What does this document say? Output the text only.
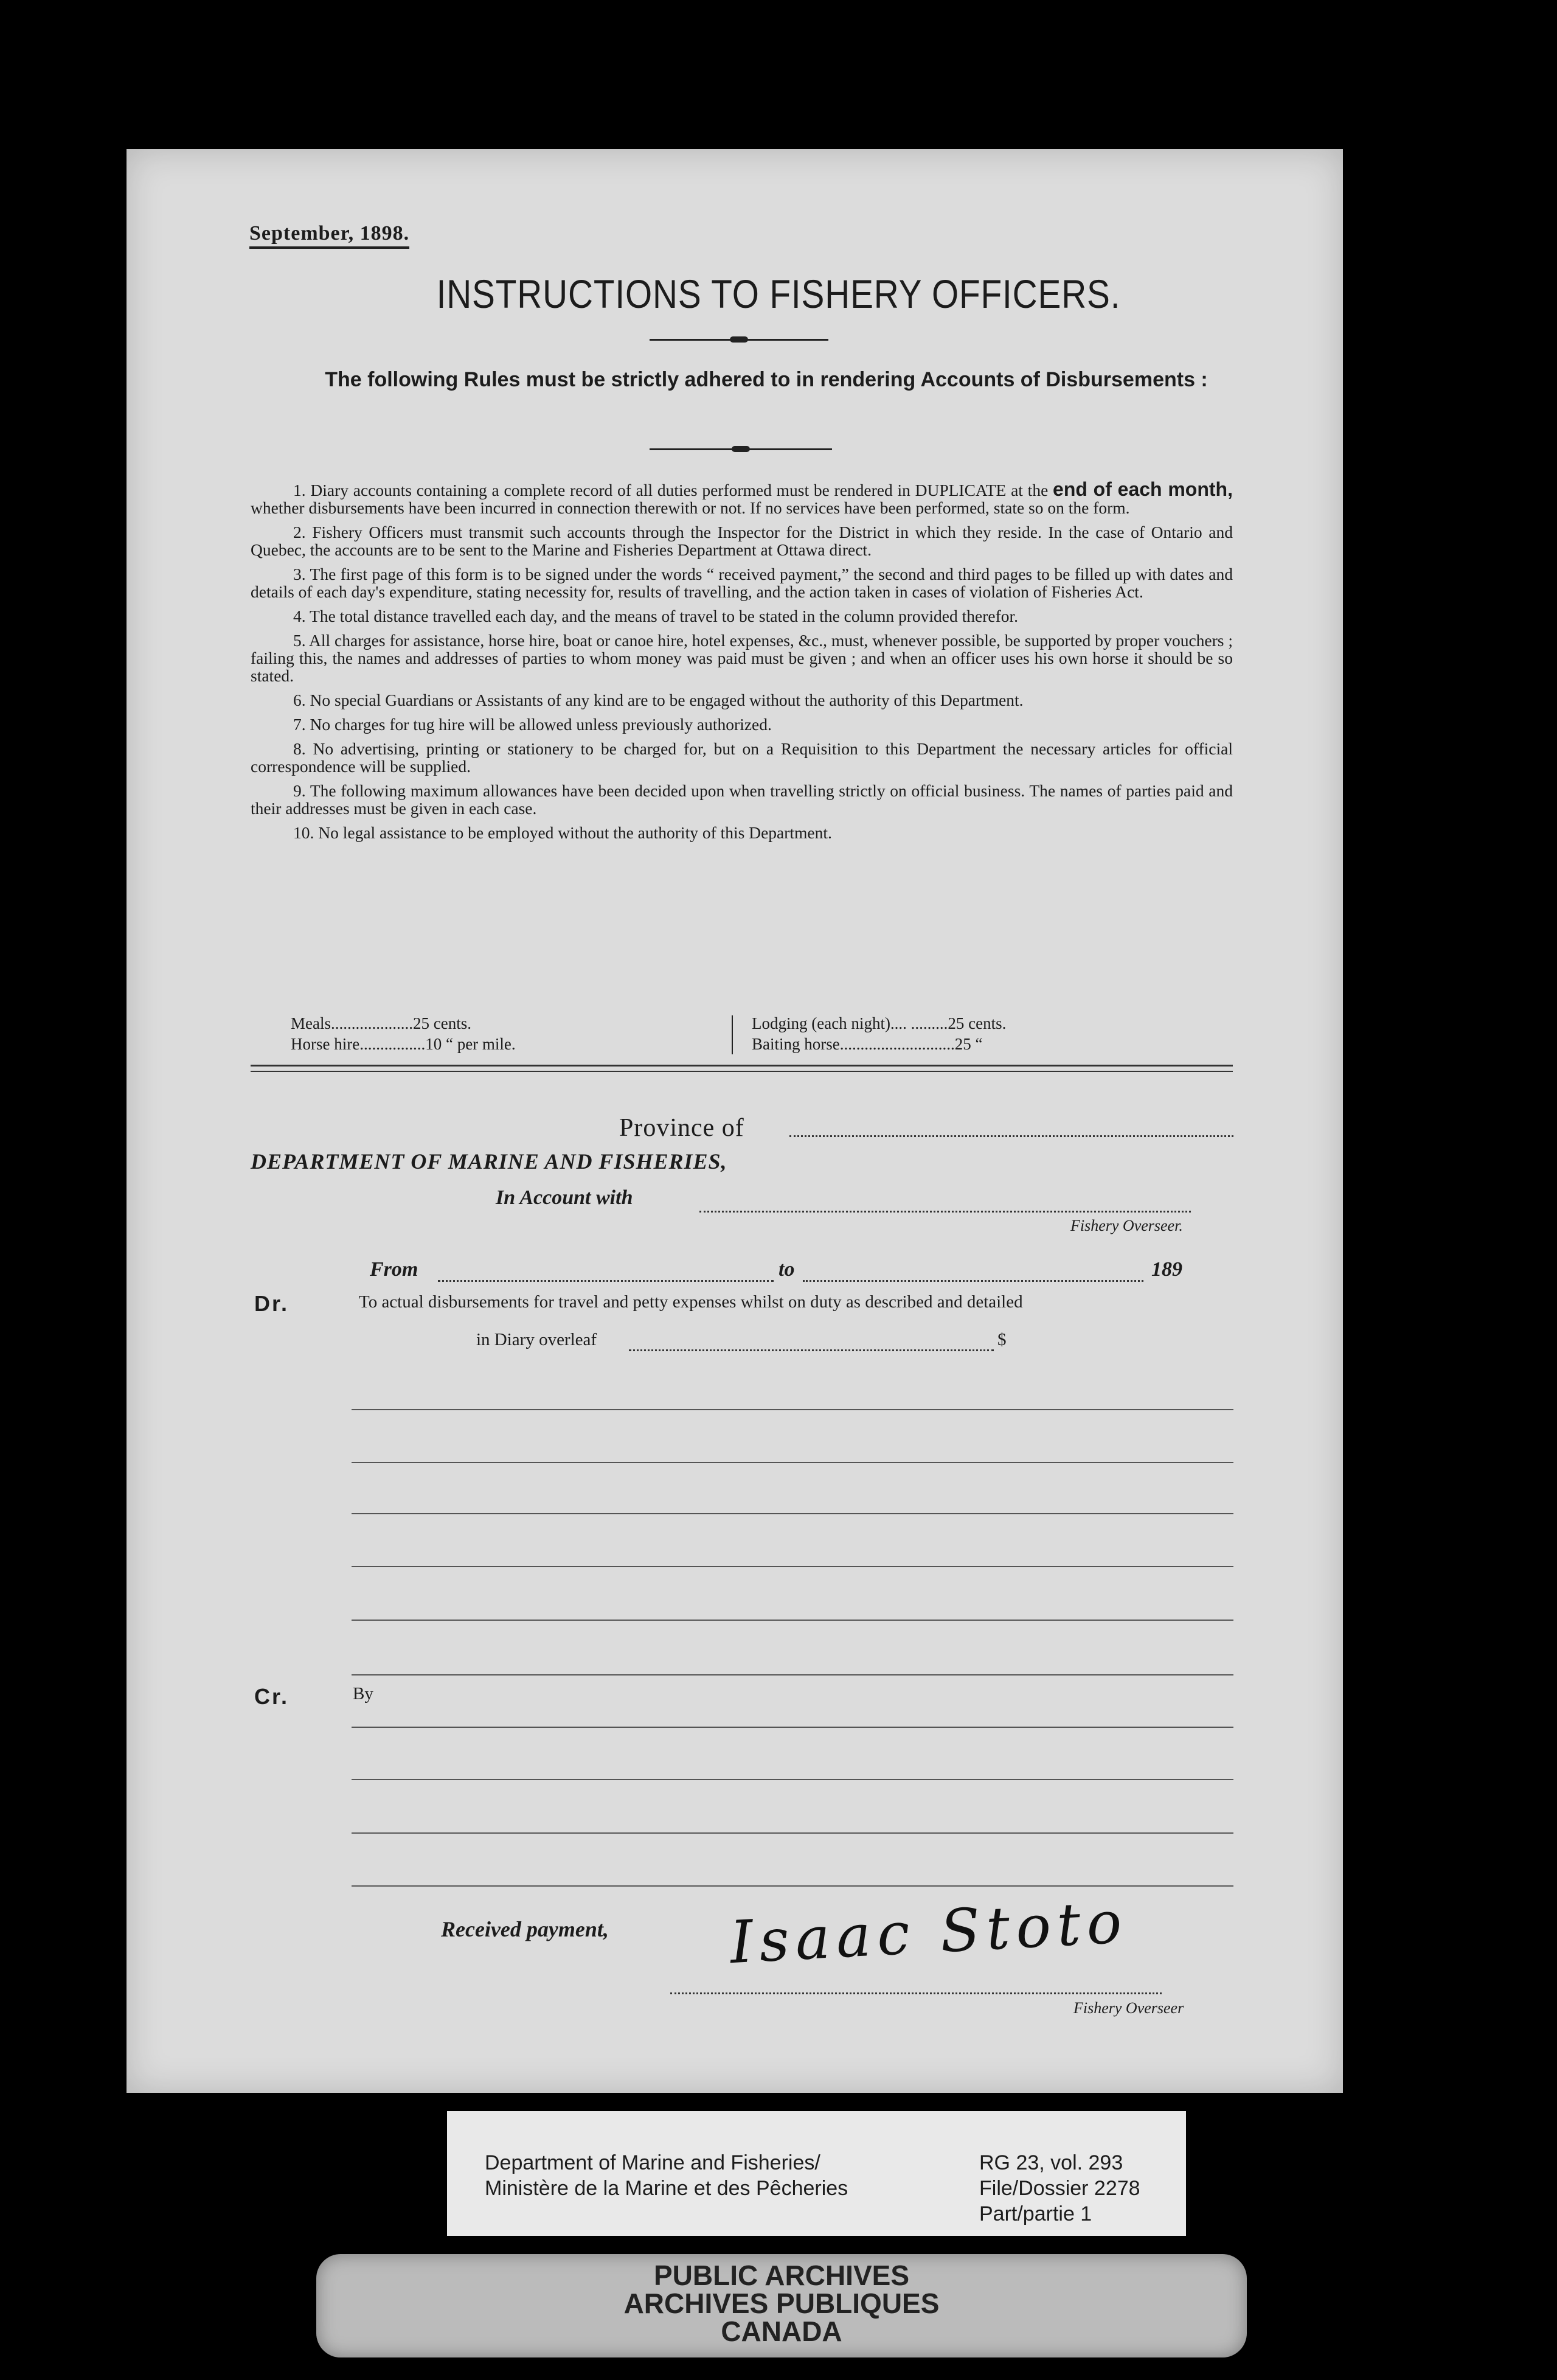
September, 1898.
INSTRUCTIONS TO FISHERY OFFICERS.
The following Rules must be strictly adhered to in rendering Accounts of Disbursements :

1. Diary accounts containing a complete record of all duties performed must be rendered in DUPLICATE at the end of each month, whether disbursements have been incurred in connection therewith or not. If no services have been performed, state so on the form.

2. Fishery Officers must transmit such accounts through the Inspector for the District in which they reside. In the case of Ontario and Quebec, the accounts are to be sent to the Marine and Fisheries Department at Ottawa direct.

3. The first page of this form is to be signed under the words “ received payment,” the second and third pages to be filled up with dates and details of each day's expenditure, stating necessity for, results of travelling, and the action taken in cases of violation of Fisheries Act.

4. The total distance travelled each day, and the means of travel to be stated in the column provided therefor.

5. All charges for assistance, horse hire, boat or canoe hire, hotel expenses, &c., must, whenever possible, be supported by proper vouchers ; failing this, the names and addresses of parties to whom money was paid must be given ; and when an officer uses his own horse it should be so stated.

6. No special Guardians or Assistants of any kind are to be engaged without the authority of this Department.

7. No charges for tug hire will be allowed unless previously authorized.

8. No advertising, printing or stationery to be charged for, but on a Requisition to this Department the necessary articles for official correspondence will be supplied.

9. The following maximum allowances have been decided upon when travelling strictly on official business. The names of parties paid and their addresses must be given in each case.

10. No legal assistance to be employed without the authority of this Department.

Meals....................25 cents.
Horse hire................10 “ per mile.
Lodging (each night).... .........25 cents.
Baiting horse............................25 “
Province of
DEPARTMENT OF MARINE AND FISHERIES,
In Account with
Fishery Overseer.
From	to	189
Dr.	To actual disbursements for travel and petty expenses whilst on duty as described and detailed
in Diary overleaf	$
Cr.	By
Received payment, Isaac Stoto
Fishery Overseer
Department of Marine and Fisheries/
Ministère de la Marine et des Pêcheries
RG 23, vol. 293
File/Dossier 2278
Part/partie 1
PUBLIC ARCHIVES
ARCHIVES PUBLIQUES
CANADA
